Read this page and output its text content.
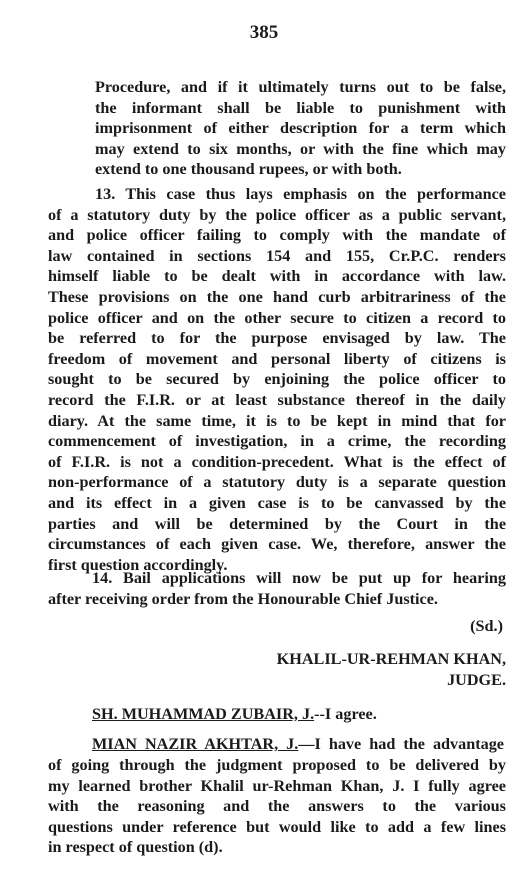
385
Procedure, and if it ultimately turns out to be false,
the informant shall be liable to punishment with
imprisonment of either description for a term which
may extend to six months, or with the fine which may
extend to one thousand rupees, or with both.
13. This case thus lays emphasis on the performance
of a statutory duty by the police officer as a public servant,
and police officer failing to comply with the mandate of
law contained in sections 154 and 155, Cr.P.C. renders
himself liable to be dealt with in accordance with law.
These provisions on the one hand curb arbitrariness of the
police officer and on the other secure to citizen a record to
be referred to for the purpose envisaged by law. The
freedom of movement and personal liberty of citizens is
sought to be secured by enjoining the police officer to
record the F.I.R. or at least substance thereof in the daily
diary. At the same time, it is to be kept in mind that for
commencement of investigation, in a crime, the recording
of F.I.R. is not a condition-precedent. What is the effect of
non-performance of a statutory duty is a separate question
and its effect in a given case is to be canvassed by the
parties and will be determined by the Court in the
circumstances of each given case. We, therefore, answer the
first question accordingly.
14. Bail applications will now be put up for hearing
after receiving order from the Honourable Chief Justice.
of going through the judgment proposed to be delivered by
my learned brother Khalil ur-Rehman Khan, J. I fully agree
with the reasoning and the answers to the various
questions under reference but would like to add a few lines
in respect of question (d).
(Sd.)
KHALIL-UR-REHMAN KHAN,
JUDGE.
SH. MUHAMMAD ZUBAIR, J.--I agree.
MIAN NAZIR AKHTAR, J.—I have had the advantage
